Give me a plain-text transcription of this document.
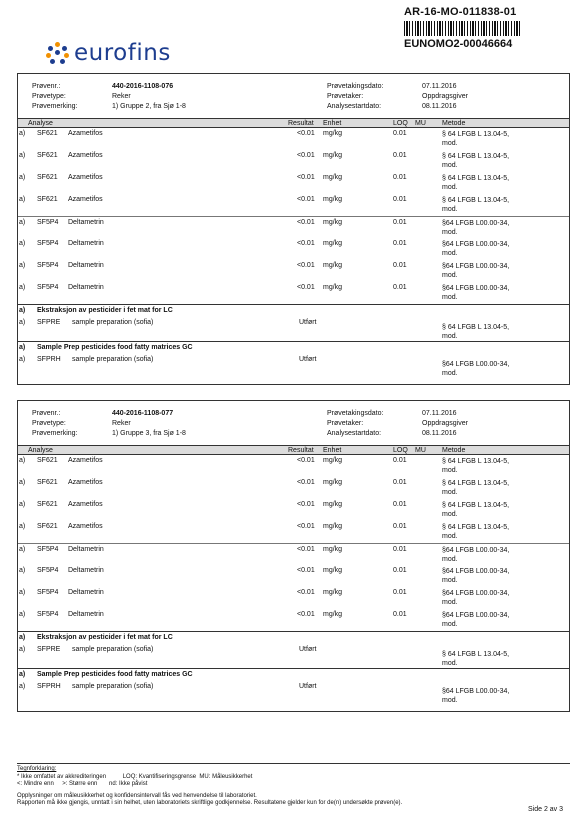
AR-16-MO-011838-01
EUNOMO2-00046664
eurofins
Prøvenr.:	440-2016-1108-076
Prøvetype:	Reker
Prøvemerking:	1) Gruppe 2, fra Sjø 1-8
Prøvetakingsdato:	07.11.2016
Prøvetaker:	Oppdragsgiver
Analysestartdato:	08.11.2016
Analyse	Resultat Enhet	LOQ MU Metode
a) SF621 Azametifos	<0.01 mg/kg	0.01	§ 64 LFGB L 13.04-5,
mod.
a) SF621 Azametifos	<0.01 mg/kg	0.01	§ 64 LFGB L 13.04-5,
mod.
a) SF621 Azametifos	<0.01 mg/kg	0.01	§ 64 LFGB L 13.04-5,
mod.
a) SF621 Azametifos	<0.01 mg/kg	0.01	§ 64 LFGB L 13.04-5,
mod.
a) SF5P4 Deltametrin	<0.01 mg/kg	0.01	§64 LFGB L00.00-34,
mod.
a) SF5P4 Deltametrin	<0.01 mg/kg	0.01	§64 LFGB L00.00-34,
mod.
a) SF5P4 Deltametrin	<0.01 mg/kg	0.01	§64 LFGB L00.00-34,
mod.
a) SF5P4 Deltametrin	<0.01 mg/kg	0.01	§64 LFGB L00.00-34,
mod.
a) Ekstraksjon av pesticider i fet mat for LC
a) SFPRE sample preparation (sofia)	Utført
§ 64 LFGB L 13.04-5,
mod.
a) Sample Prep pesticides food fatty matrices GC
a) SFPRH sample preparation (sofia)	Utført
§64 LFGB L00.00-34,
mod.
Prøvenr.:	440-2016-1108-077
Prøvetype:	Reker
Prøvemerking:	1) Gruppe 3, fra Sjø 1-8
Prøvetakingsdato:	07.11.2016
Prøvetaker:	Oppdragsgiver
Analysestartdato:	08.11.2016
Analyse	Resultat Enhet	LOQ MU Metode
a) SF621 Azametifos	<0.01 mg/kg	0.01	§ 64 LFGB L 13.04-5,
mod.
a) SF621 Azametifos	<0.01 mg/kg	0.01	§ 64 LFGB L 13.04-5,
mod.
a) SF621 Azametifos	<0.01 mg/kg	0.01	§ 64 LFGB L 13.04-5,
mod.
a) SF621 Azametifos	<0.01 mg/kg	0.01	§ 64 LFGB L 13.04-5,
mod.
a) SF5P4 Deltametrin	<0.01 mg/kg	0.01	§64 LFGB L00.00-34,
mod.
a) SF5P4 Deltametrin	<0.01 mg/kg	0.01	§64 LFGB L00.00-34,
mod.
a) SF5P4 Deltametrin	<0.01 mg/kg	0.01	§64 LFGB L00.00-34,
mod.
a) SF5P4 Deltametrin	<0.01 mg/kg	0.01	§64 LFGB L00.00-34,
mod.
a) Ekstraksjon av pesticider i fet mat for LC
a) SFPRE sample preparation (sofia)	Utført
§ 64 LFGB L 13.04-5,
mod.
a) Sample Prep pesticides food fatty matrices GC
a) SFPRH sample preparation (sofia)	Utført
§64 LFGB L00.00-34,
mod.
Tegnforklaring:
* Ikke omfattet av akkrediteringen          LOQ: Kvantifiseringsgrense  MU: Måleusikkerhet
<: Mindre enn     >: Større enn       nd: Ikke påvist
Opplysninger om måleusikkerhet og konfidensintervall fås ved henvendelse til laboratoriet.
Rapporten må ikke gjengis, unntatt i sin helhet, uten laboratoriets skriftlige godkjennelse. Resultatene gjelder kun for de(n) undersøkte prøven(e).
Side 2 av 3
